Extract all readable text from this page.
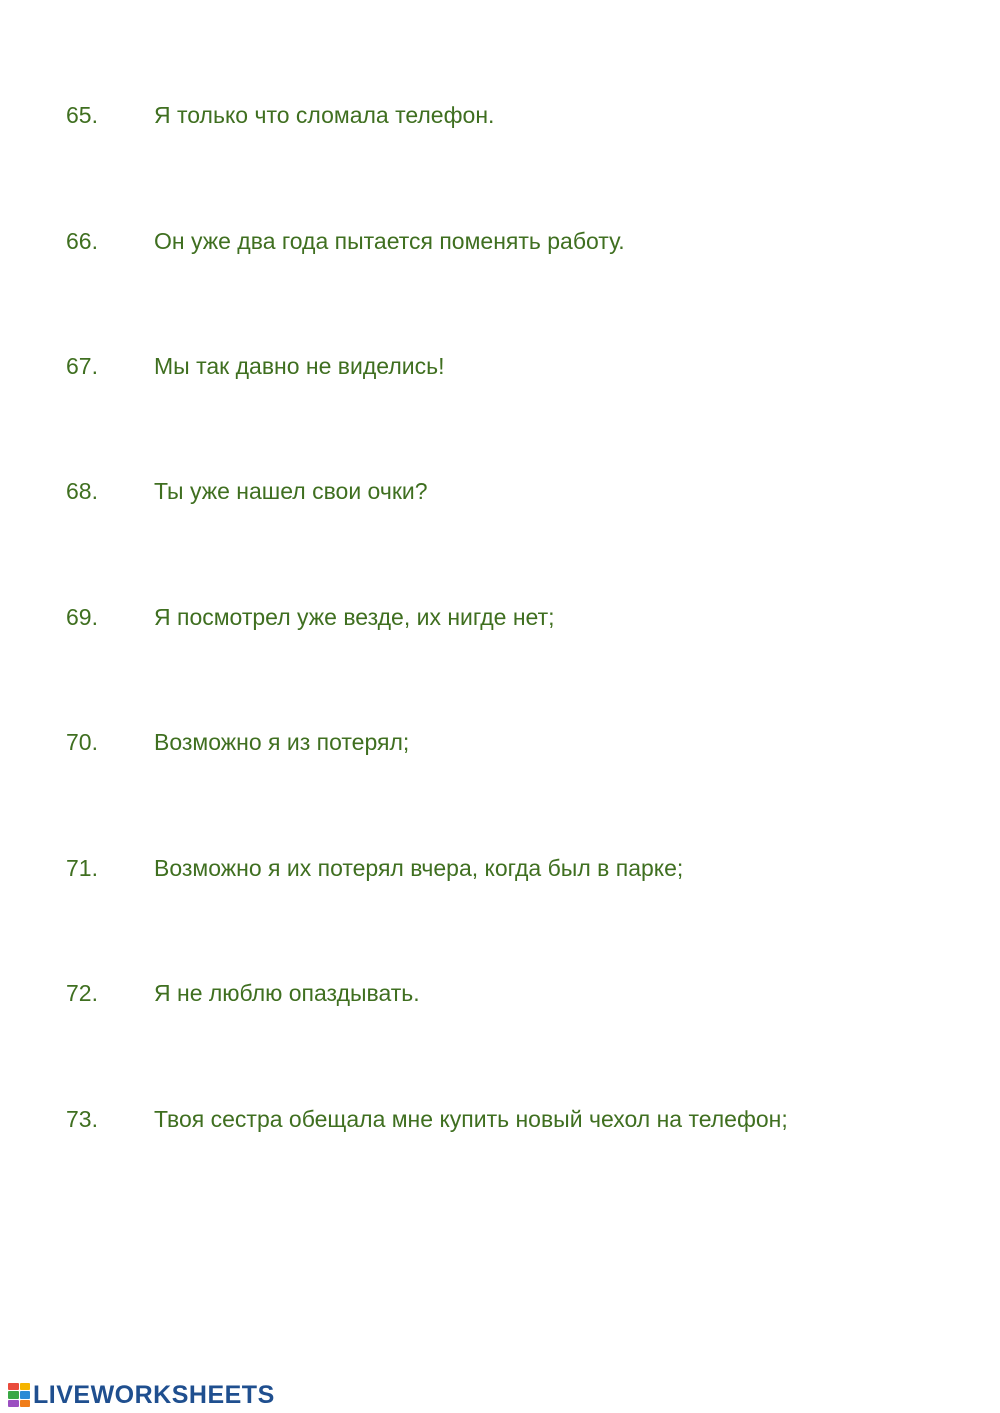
65.	Я только что сломала телефон.
66.	Он уже два года пытается поменять работу.
67.	Мы так давно не виделись!
68.	Ты уже нашел свои очки?
69.	Я посмотрел уже везде, их нигде нет;
70.	Возможно я из потерял;
71.	Возможно я их потерял вчера, когда был в парке;
72.	Я не люблю опаздывать.
73.	Твоя сестра обещала мне купить новый чехол на телефон;
LIVEWORKSHEETS
